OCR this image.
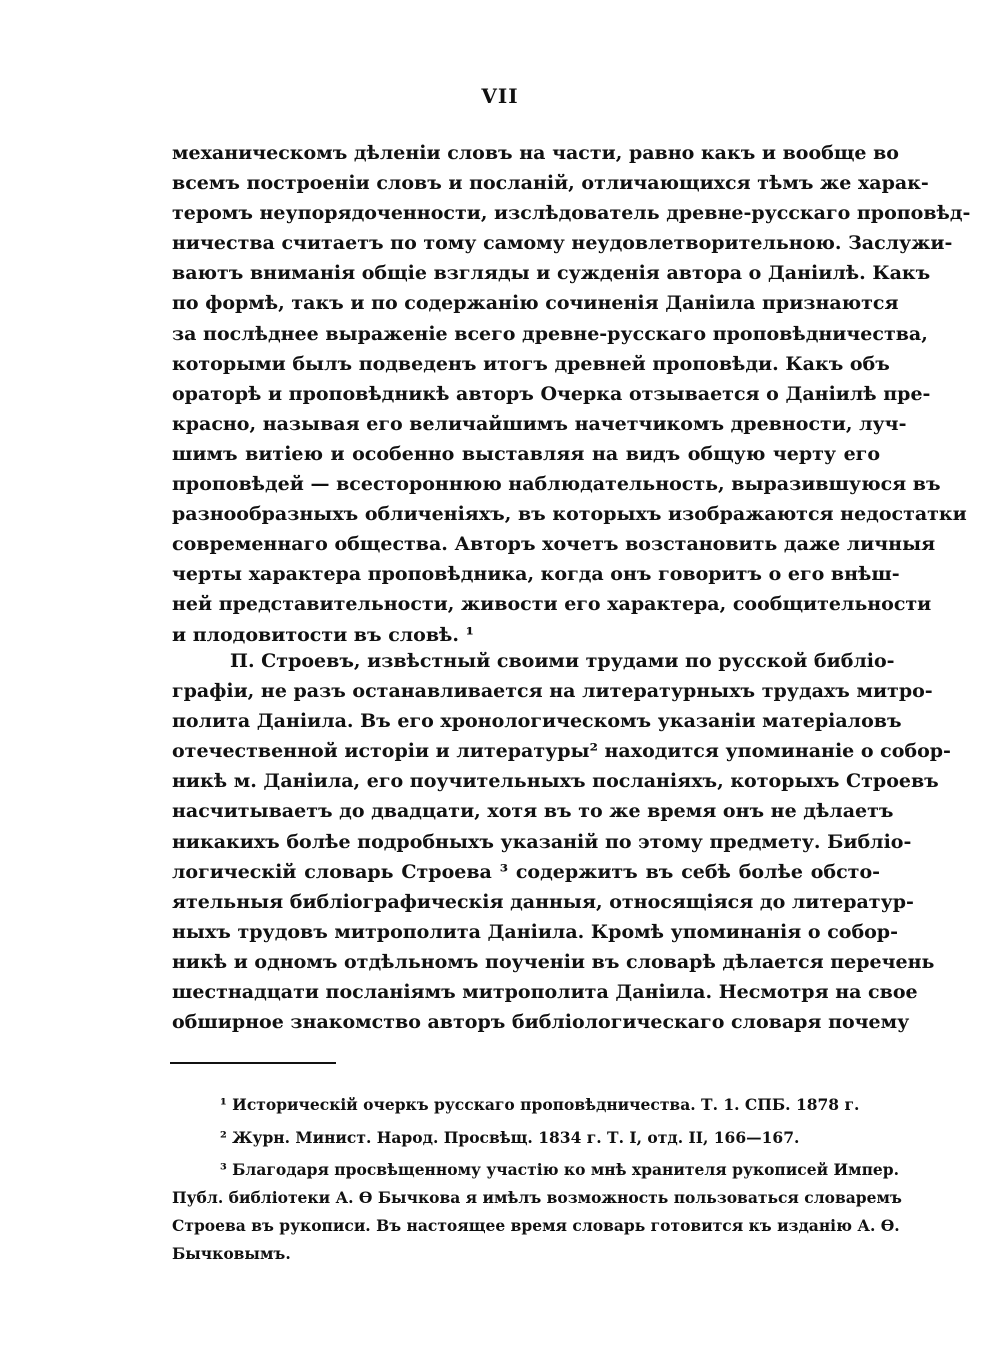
VII
механическомъ дѣленіи словъ на части, равно какъ и вообще во
всемъ построеніи словъ и посланій, отличающихся тѣмъ же харак-
теромъ неупорядоченности, изслѣдователь древне-русскаго проповѣд-
ничества считаетъ по тому самому неудовлетворительною. Заслужи-
ваютъ вниманія общіе взгляды и сужденія автора о Даніилѣ. Какъ
по формѣ, такъ и по содержанію сочиненія Даніила признаются
за послѣднее выраженіе всего древне-русскаго проповѣдничества,
которыми былъ подведенъ итогъ древней проповѣди. Какъ объ
ораторѣ и проповѣдникѣ авторъ Очерка отзывается о Даніилѣ пре-
красно, называя его величайшимъ начетчикомъ древности, луч-
шимъ витіею и особенно выставляя на видъ общую черту его
проповѣдей — всестороннюю наблюдательность, выразившуюся въ
разнообразныхъ обличеніяхъ, въ которыхъ изображаются недостатки
современнаго общества. Авторъ хочетъ возстановить даже личныя
черты характера проповѣдника, когда онъ говоритъ о его внѣш-
ней представительности, живости его характера, сообщительности
и плодовитости въ словѣ. ¹
П. Строевъ, извѣстный своими трудами по русской библіо-
графіи, не разъ останавливается на литературныхъ трудахъ митро-
полита Даніила. Въ его хронологическомъ указаніи матеріаловъ
отечественной исторіи и литературы² находится упоминаніе о собор-
никѣ м. Даніила, его поучительныхъ посланіяхъ, которыхъ Строевъ
насчитываетъ до двадцати, хотя въ то же время онъ не дѣлаетъ
никакихъ болѣе подробныхъ указаній по этому предмету. Библіо-
логическій словарь Строева ³ содержитъ въ себѣ болѣе обсто-
ятельныя библіографическія данныя, относящіяся до литератур-
ныхъ трудовъ митрополита Даніила. Кромѣ упоминанія о собор-
никѣ и одномъ отдѣльномъ поученіи въ словарѣ дѣлается перечень
шестнадцати посланіямъ митрополита Даніила. Несмотря на свое
обширное знакомство авторъ библіологическаго словаря почему
¹ Историческій очеркъ русскаго проповѣдничества. Т. 1. СПБ. 1878 г.
² Журн. Минист. Народ. Просвѣщ. 1834 г. Т. I, отд. II, 166—167.
³ Благодаря просвѣщенному участію ко мнѣ хранителя рукописей Импер.
Публ. библіотеки А. Ѳ Бычкова я имѣлъ возможность пользоваться словаремъ
Строева въ рукописи. Въ настоящее время словарь готовится къ изданію А. Ѳ.
Бычковымъ.
